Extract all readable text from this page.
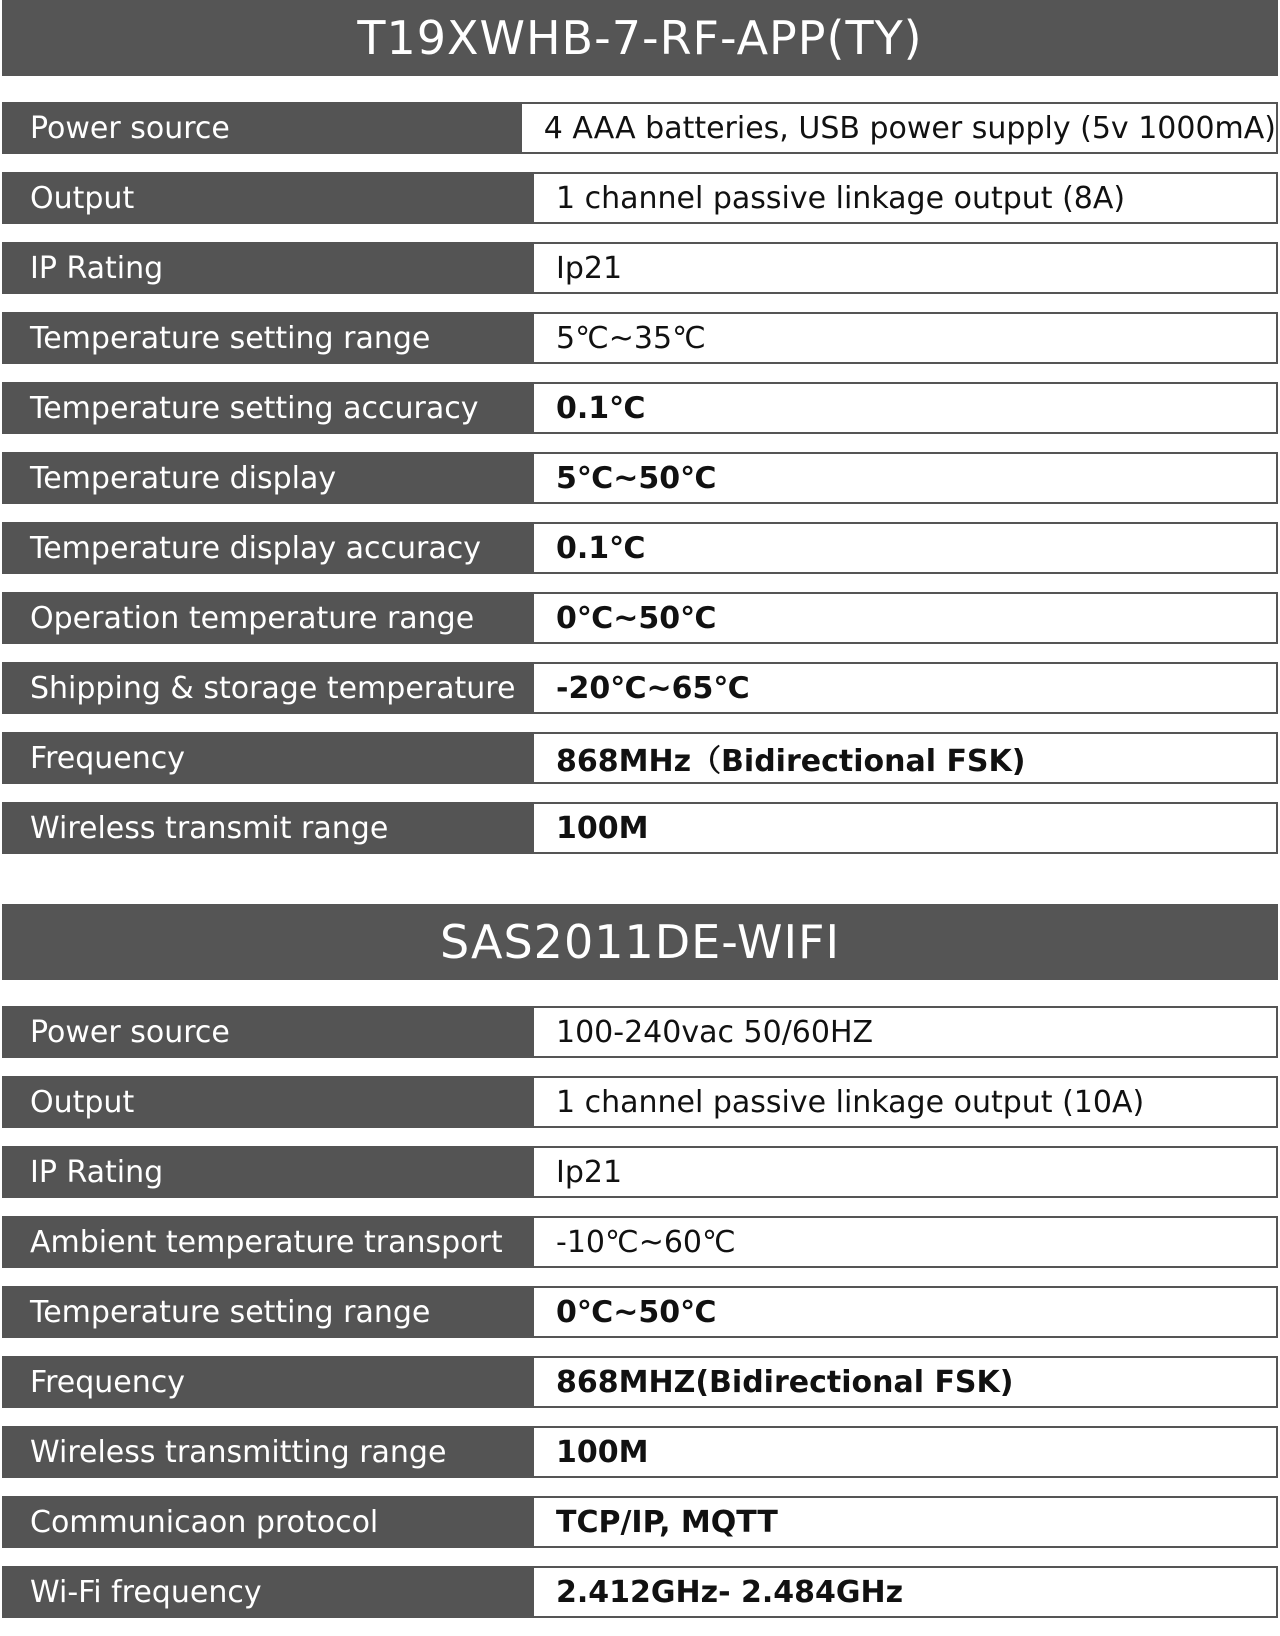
T19XWHB-7-RF-APP(TY)
Power source	4 AAA batteries, USB power supply (5v 1000mA)
Output	1 channel passive linkage output (8A)
IP Rating	Ip21
Temperature setting range	5℃~35℃
Temperature setting accuracy	0.1℃
Temperature display	5℃~50℃
Temperature display accuracy	0.1℃
Operation temperature range	0℃~50℃
Shipping & storage temperature	-20℃~65℃
Frequency	868MHz（Bidirectional FSK)
Wireless transmit range	100M
SAS2011DE-WIFI
Power source	100-240vac 50/60HZ
Output	1 channel passive linkage output (10A)
IP Rating	Ip21
Ambient temperature transport	-10℃~60℃
Temperature setting range	0℃~50℃
Frequency	868MHZ(Bidirectional FSK)
Wireless transmitting range	100M
Communicaon protocol	TCP/IP, MQTT
Wi-Fi frequency	2.412GHz- 2.484GHz
